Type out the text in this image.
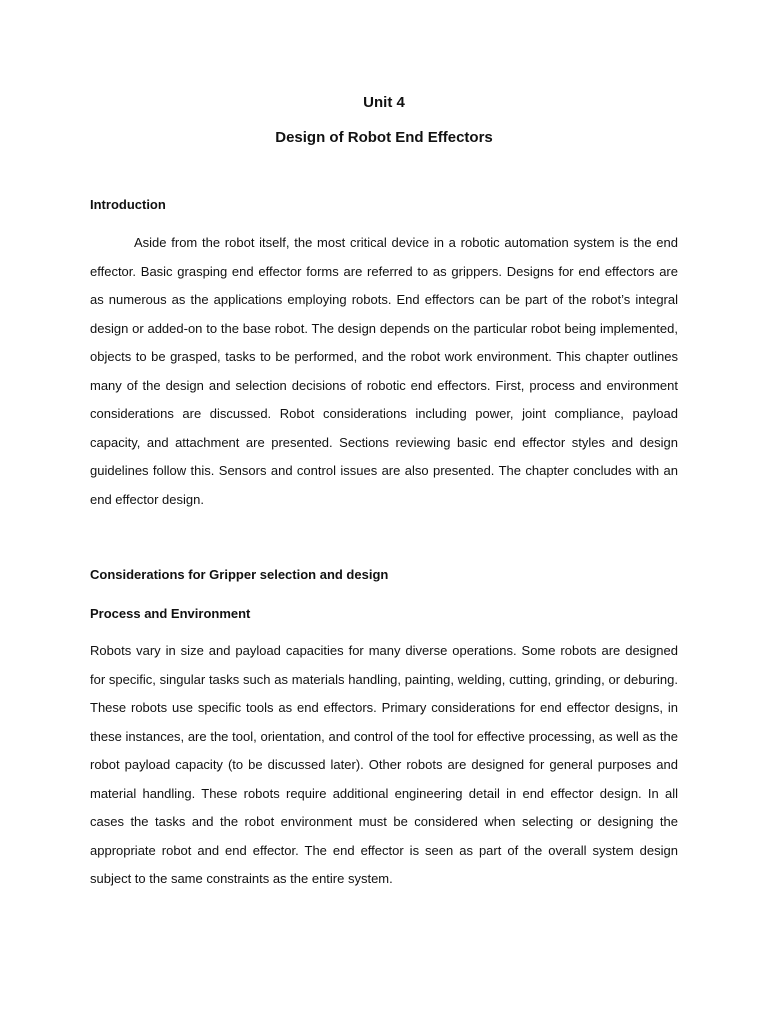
Unit 4
Design of Robot End Effectors
Introduction

Aside from the robot itself, the most critical device in a robotic automation system is the end effector. Basic grasping end effector forms are referred to as grippers. Designs for end effectors are as numerous as the applications employing robots. End effectors can be part of the robot’s integral design or added-on to the base robot. The design depends on the particular robot being implemented, objects to be grasped, tasks to be performed, and the robot work environment. This chapter outlines many of the design and selection decisions of robotic end effectors. First, process and environment considerations are discussed. Robot considerations including power, joint compliance, payload capacity, and attachment are presented. Sections reviewing basic end effector styles and design guidelines follow this. Sensors and control issues are also presented. The chapter concludes with an end effector design.

Considerations for Gripper selection and design
Process and Environment

Robots vary in size and payload capacities for many diverse operations. Some robots are designed for specific, singular tasks such as materials handling, painting, welding, cutting, grinding, or deburing. These robots use specific tools as end effectors. Primary considerations for end effector designs, in these instances, are the tool, orientation, and control of the tool for effective processing, as well as the robot payload capacity (to be discussed later). Other robots are designed for general purposes and material handling. These robots require additional engineering detail in end effector design. In all cases the tasks and the robot environment must be considered when selecting or designing the appropriate robot and end effector. The end effector is seen as part of the overall system design subject to the same constraints as the entire system.
